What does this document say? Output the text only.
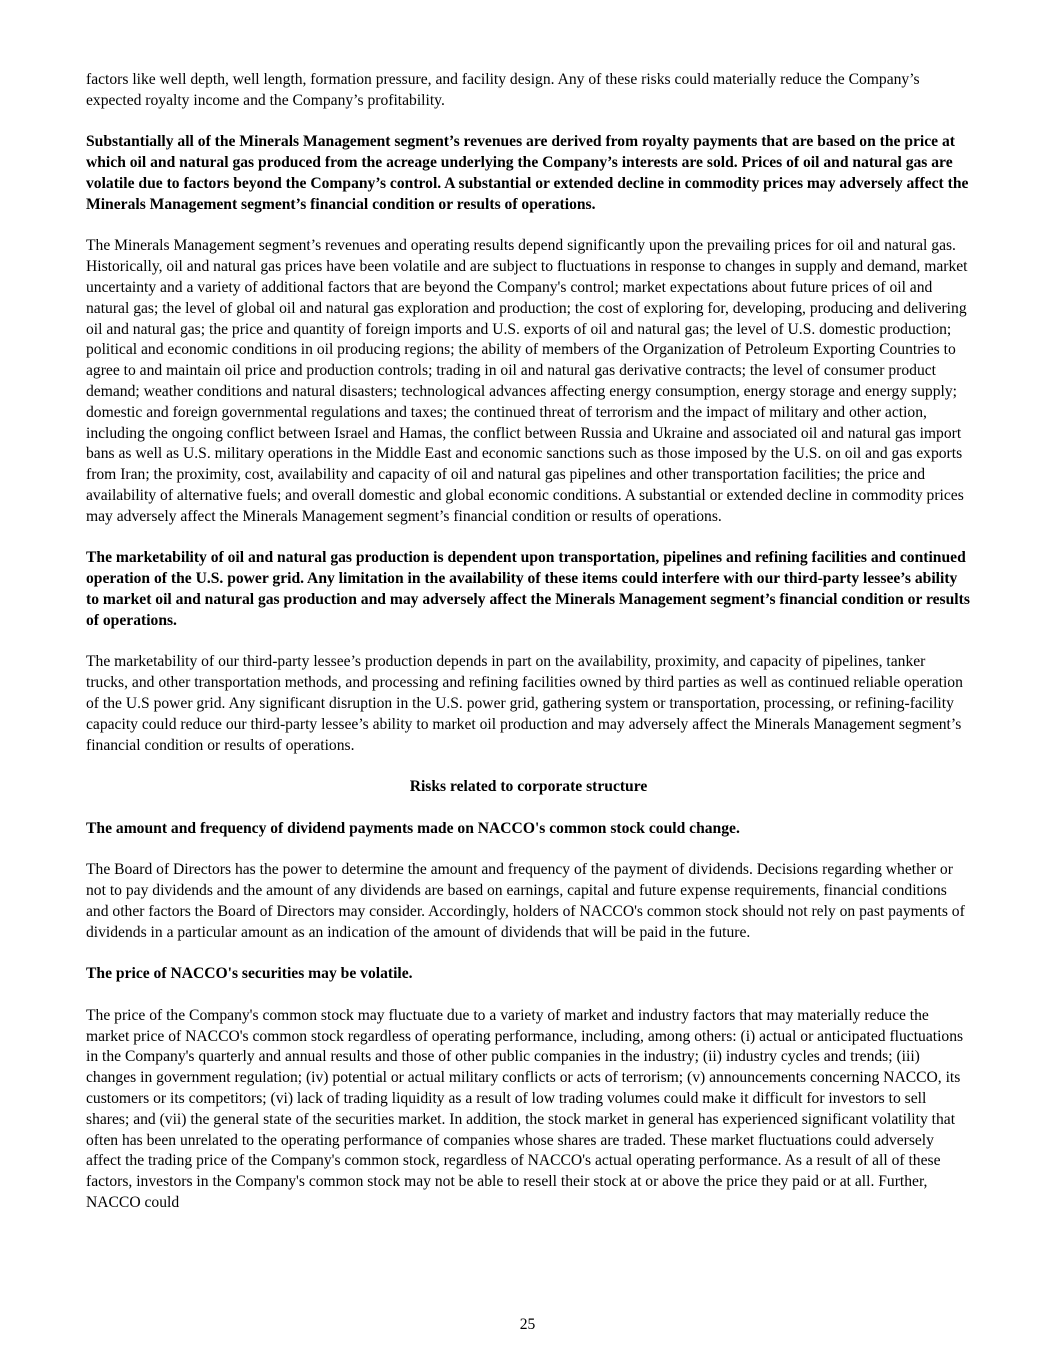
factors like well depth, well length, formation pressure, and facility design. Any of these risks could materially reduce the Company’s expected royalty income and the Company’s profitability.

Substantially all of the Minerals Management segment’s revenues are derived from royalty payments that are based on the price at which oil and natural gas produced from the acreage underlying the Company’s interests are sold. Prices of oil and natural gas are volatile due to factors beyond the Company’s control. A substantial or extended decline in commodity prices may adversely affect the Minerals Management segment’s financial condition or results of operations.

The Minerals Management segment’s revenues and operating results depend significantly upon the prevailing prices for oil and natural gas. Historically, oil and natural gas prices have been volatile and are subject to fluctuations in response to changes in supply and demand, market uncertainty and a variety of additional factors that are beyond the Company's control; market expectations about future prices of oil and natural gas; the level of global oil and natural gas exploration and production; the cost of exploring for, developing, producing and delivering oil and natural gas; the price and quantity of foreign imports and U.S. exports of oil and natural gas; the level of U.S. domestic production; political and economic conditions in oil producing regions; the ability of members of the Organization of Petroleum Exporting Countries to agree to and maintain oil price and production controls; trading in oil and natural gas derivative contracts; the level of consumer product demand; weather conditions and natural disasters; technological advances affecting energy consumption, energy storage and energy supply; domestic and foreign governmental regulations and taxes; the continued threat of terrorism and the impact of military and other action, including the ongoing conflict between Israel and Hamas, the conflict between Russia and Ukraine and associated oil and natural gas import bans as well as U.S. military operations in the Middle East and economic sanctions such as those imposed by the U.S. on oil and gas exports from Iran; the proximity, cost, availability and capacity of oil and natural gas pipelines and other transportation facilities; the price and availability of alternative fuels; and overall domestic and global economic conditions. A substantial or extended decline in commodity prices may adversely affect the Minerals Management segment’s financial condition or results of operations.

The marketability of oil and natural gas production is dependent upon transportation, pipelines and refining facilities and continued operation of the U.S. power grid. Any limitation in the availability of these items could interfere with our third-party lessee’s ability to market oil and natural gas production and may adversely affect the Minerals Management segment’s financial condition or results of operations.

The marketability of our third-party lessee’s production depends in part on the availability, proximity, and capacity of pipelines, tanker trucks, and other transportation methods, and processing and refining facilities owned by third parties as well as continued reliable operation of the U.S power grid. Any significant disruption in the U.S. power grid, gathering system or transportation, processing, or refining-facility capacity could reduce our third-party lessee’s ability to market oil production and may adversely affect the Minerals Management segment’s financial condition or results of operations.

Risks related to corporate structure

The amount and frequency of dividend payments made on NACCO's common stock could change.

The Board of Directors has the power to determine the amount and frequency of the payment of dividends. Decisions regarding whether or not to pay dividends and the amount of any dividends are based on earnings, capital and future expense requirements, financial conditions and other factors the Board of Directors may consider. Accordingly, holders of NACCO's common stock should not rely on past payments of dividends in a particular amount as an indication of the amount of dividends that will be paid in the future.

The price of NACCO's securities may be volatile.

The price of the Company's common stock may fluctuate due to a variety of market and industry factors that may materially reduce the market price of NACCO's common stock regardless of operating performance, including, among others: (i) actual or anticipated fluctuations in the Company's quarterly and annual results and those of other public companies in the industry; (ii) industry cycles and trends; (iii) changes in government regulation; (iv) potential or actual military conflicts or acts of terrorism; (v) announcements concerning NACCO, its customers or its competitors; (vi) lack of trading liquidity as a result of low trading volumes could make it difficult for investors to sell shares; and (vii) the general state of the securities market. In addition, the stock market in general has experienced significant volatility that often has been unrelated to the operating performance of companies whose shares are traded. These market fluctuations could adversely affect the trading price of the Company's common stock, regardless of NACCO's actual operating performance. As a result of all of these factors, investors in the Company's common stock may not be able to resell their stock at or above the price they paid or at all. Further, NACCO could

25
